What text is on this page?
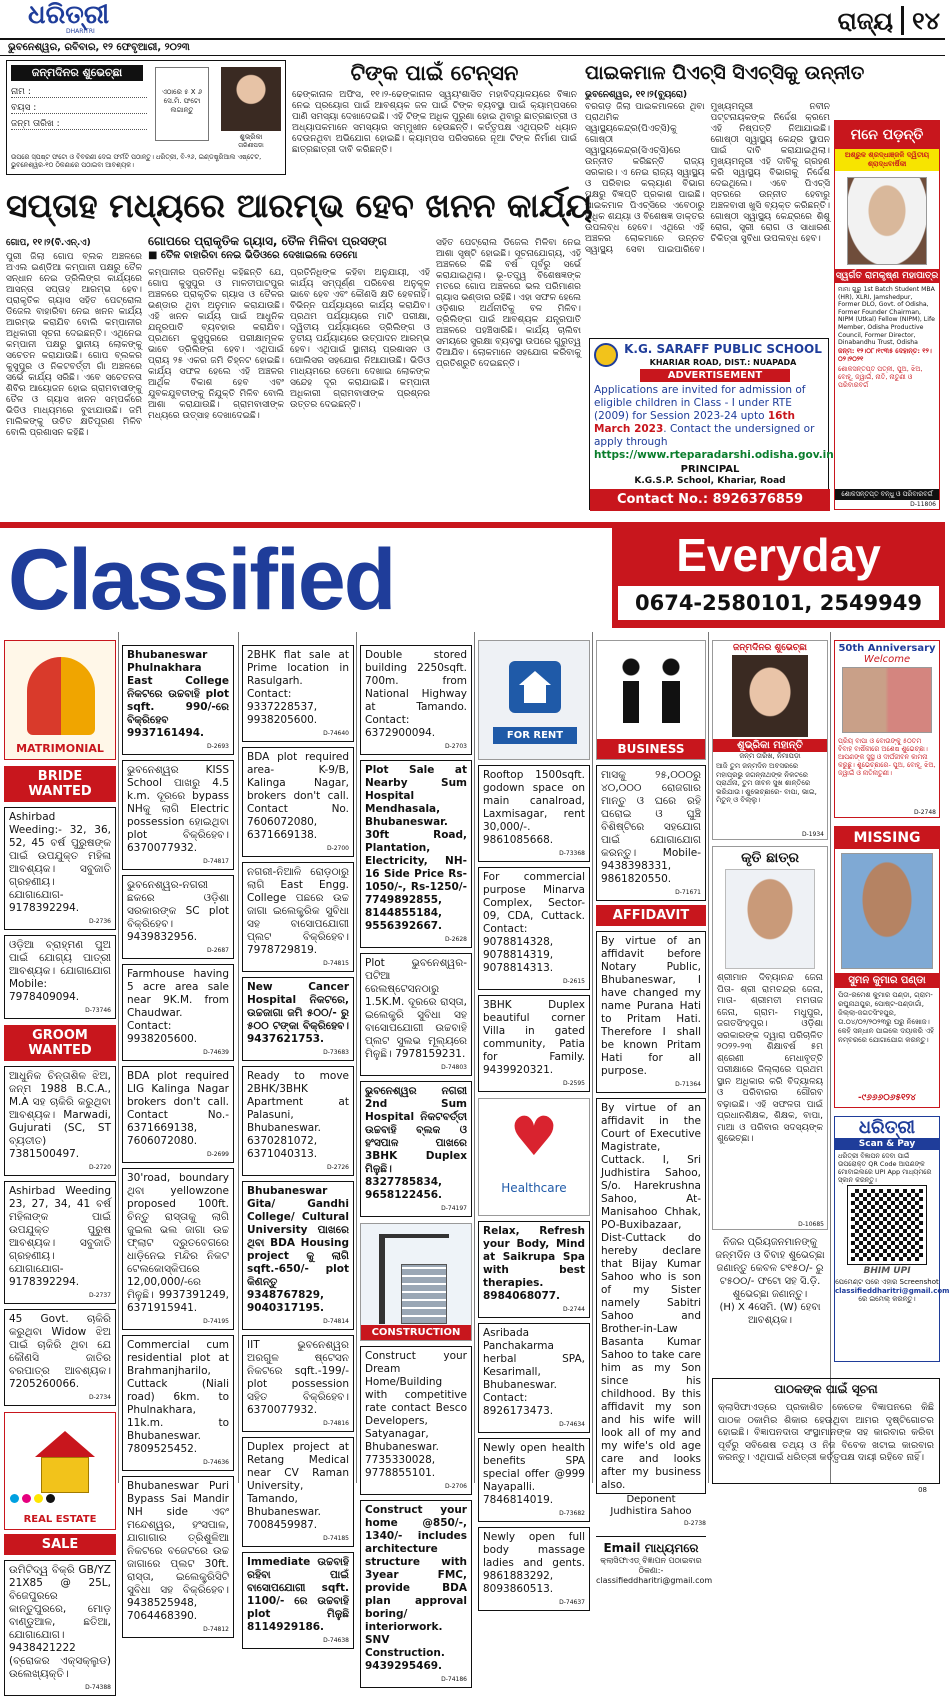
ଧରିତ୍ରୀ
DHARITRI	ରାଜ୍ୟ ୧୪
ଭୁବନେଶ୍ୱର, ରବିବାର, ୧୨ ଫେବୃଆରୀ, ୨୦୨୩
ଜନ୍ମଦିନର ଶୁଭେଚ୍ଛା
ନାମ :
ବୟସ :
ଜନ୍ମ ତାରିଖ :
ଏଠାରେ ୫ X ୬ ସେ.ମି. ଫଟୋ ଲଗାନ୍ତୁ
ଶୁଭ୍ରିକା
ତାରିଣୀପଡା
ଉପରେ ସ୍ପଷ୍ଟ ଫଟୋ ଓ ବିବରଣୀ ଦେଇ ଫର୍ମଟି ପଠାନ୍ତୁ। ଧରିତ୍ରୀ, ବି-୨୬, ଇଣ୍ଡଷ୍ଟ୍ରିଆଲ ଏଷ୍ଟେଟ, ଭୁବନେଶ୍ୱର-୧୦ ଠିକଣାରେ ପଠାଇବା ଆବଶ୍ୟକ।
ଟିଙ୍କ ପାଇଁ ଟେନ୍‌ସନ
ଢେଙ୍କାନାଳ ଅଫିସ, ୧୧।୨-ଢେଙ୍କାନାଳ ସ୍ୱୟଂଶାସିତ ମହାବିଦ୍ୟାଳୟରେ ବିଜ୍ଞାନ ନେଇ ପ୍ରୟୋଗ ପାଇଁ ଆବଶ୍ୟକ ଜଳ ପାଇଁ ଟିଙ୍କ ବ୍ୟବସ୍ଥା ପାଇଁ କ୍ୟାମ୍ପସରେ ପାଣି ସମସ୍ୟା ଦେଖାଦେଇଛି। ଏହି ଟିଙ୍କ ଅଧିକ ପୁରୁଣା ହୋଇ ଥିବାରୁ ଛାତ୍ରଛାତ୍ରୀ ଓ ଅଧ୍ୟାପକମାନେ ସମସ୍ୟାର ସମ୍ମୁଖୀନ ହେଉଛନ୍ତି। କର୍ତ୍ତୃପକ୍ଷ ଏଥିପ୍ରତି ଧ୍ୟାନ ଦେଉନଥିବା ଅଭିଯୋଗ ହୋଇଛି। କ୍ୟାମ୍ପସ ପରିସରରେ ନୂଆ ଟିଙ୍କ ନିର୍ମାଣ ପାଇଁ ଛାତ୍ରଛାତ୍ରୀ ଦାବି କରିଛନ୍ତି।
ପାଇକମାଳ ପିଏଚ୍‌ସି ସିଏଚ୍‌ସିକୁ ଉନ୍ନୀତ
ଭୁବନେଶ୍ୱର, ୧୧।୨(ବ୍ୟୁରୋ)
ବରଗଡ଼ ଜିଲା ପାଇକମାଳରେ ଥିବା ପ୍ରାଥମିକ ସ୍ୱାସ୍ଥ୍ୟକେନ୍ଦ୍ର(ପିଏଚ୍‌ସି)କୁ ଗୋଷ୍ଠୀ ସ୍ୱାସ୍ଥ୍ୟକେନ୍ଦ୍ର(ସିଏଚ୍‌ସି)ରେ ଉନ୍ନୀତ କରିଛନ୍ତି ରାଜ୍ୟ ସରକାର। ଏ ନେଇ ରାଜ୍ୟ ସ୍ୱାସ୍ଥ୍ୟ ଓ ପରିବାର କଲ୍ୟାଣ ବିଭାଗ ପକ୍ଷରୁ ବିଜ୍ଞପ୍ତି ପ୍ରକାଶ ପାଇଛି। ପାଇକମାଳ ପିଏଚ୍‌ସିରେ ଏବେଠାରୁ ଅଧିକ ଶଯ୍ୟା ଓ ବିଶେଷଜ୍ଞ ଡାକ୍ତର ଉପଲବ୍ଧ ହେବେ। ଏଥିରେ ଏହି ଅଞ୍ଚଳର ଲୋକମାନେ ଉନ୍ନତ ସ୍ୱାସ୍ଥ୍ୟ ସେବା ପାଇପାରିବେ। ମୁଖ୍ୟମନ୍ତ୍ରୀ ନବୀନ ପଟ୍ଟନାୟକଙ୍କ ନିର୍ଦ୍ଦେଶ କ୍ରମେ ଏହି ନିଷ୍ପତ୍ତି ନିଆଯାଇଛି। ଗୋଷ୍ଠୀ ସ୍ୱାସ୍ଥ୍ୟ କେନ୍ଦ୍ର ସ୍ଥାପନ ପାଇଁ ଦାବି କରାଯାଇଥିଲା। ମୁଖ୍ୟମନ୍ତ୍ରୀ ଏହି ଦାବିକୁ ଗ୍ରହଣ କରି ସ୍ୱାସ୍ଥ୍ୟ ବିଭାଗକୁ ନିର୍ଦ୍ଦେଶ ଦେଇଥିଲେ। ଏବେ ପିଏଚ୍‌ସି ସ୍ତରରେ ଉନ୍ନୀତ ହେବାରୁ ଅଞ୍ଚଳବାସୀ ଖୁସି ବ୍ୟକ୍ତ କରିଛନ୍ତି। ଗୋଷ୍ଠୀ ସ୍ୱାସ୍ଥ୍ୟ କେନ୍ଦ୍ରରେ ଶିଶୁ ରୋଗ, ସ୍ତ୍ରୀ ରୋଗ ଓ ସାଧାରଣ ଚିକିତ୍ସା ସୁବିଧା ଉପଲବ୍ଧ ହେବ।
ମନେ ପଡ଼ନ୍ତି
ଅଶ୍ରୁଳ ଶ୍ରଦ୍ଧାଞ୍ଜଳି ଦ୍ୱିତୀୟ ଶ୍ରାଦ୍ଧବାର୍ଷିକୀ
ସ୍ୱର୍ଗତ ରାମକୃଷ୍ଣ ମହାପାତ୍ର
ମାମା ଗୁରୁ 1st Batch Student MBA (HR), XLRI, Jamshedpur, Former DLO, Govt. of Odisha, Former Founder Chairman, NIPM (Utkal) Fellow (NIPM), Life Member, Odisha Productive Council, Former Director, Dinabandhu Trust, Odisha
ଜନ୍ମ: ୧୨।୦୮।୧୯୩୫ ଦେହାନ୍ତ: ୧୨।୦୨।୨୦୨୧
ଶୋକସନ୍ତପ୍ତ ପତ୍ନୀ, ପୁଅ, ଝିଅ, ବୋହୂ, ଜ୍ୱାଇଁ, ନାତି, ନାତୁଣୀ ଓ ପରିବାରବର୍ଗ
ଶୋକସନ୍ତପ୍ତ ବନ୍ଧୁ ଓ ପରିବାରବର୍ଗ
D-11806
ସପ୍ତାହ ମଧ୍ୟରେ ଆରମ୍ଭ ହେବ ଖନନ କାର୍ଯ୍ୟ
ଗୋପ, ୧୧।୨(ବି.ଏନ୍‌.ଏ)	ଗୋପରେ ପ୍ରାକୃତିକ ଗ୍ୟାସ, ତୈଳ ମିଳିବା ପ୍ରସଙ୍ଗ
■ ତୈଳ ବାହାରିବା ନେଇ ଭିଡିଓରେ ଦେଖାଇଲେ ଡେମୋ
ପୁରୀ ଜିଲା ଗୋପ ବ୍ଲକ ଅଞ୍ଚଳରେ ଅଏଲ ଇଣ୍ଡିଆ କମ୍ପାନୀ ପକ୍ଷରୁ ତୈଳ ସନ୍ଧାନ ନେଇ ଡ୍ରିଲିଙ୍ଗ କାର୍ଯ୍ୟରେ ଆସନ୍ତା ସପ୍ତାହ ଆରମ୍ଭ ହେବ। ପ୍ରାକୃତିକ ଗ୍ୟାସ ସହିତ ପେଟ୍ରୋଲ ଡିଜେଲ ବାହାରିବା ନେଇ ଖନନ କାର୍ଯ୍ୟ ଆରମ୍ଭ କରାଯିବ ବୋଲି କମ୍ପାନୀର ଅଧିକାରୀ ସୂଚନା ଦେଇଛନ୍ତି। ଏଥିନେଇ କମ୍ପାନୀ ପକ୍ଷରୁ ସ୍ଥାନୀୟ ଲୋକଙ୍କୁ ସଚେତନ କରାଯାଉଛି। ଗୋପ ବ୍ଲକର କୁସୁପୁର ଓ ନିକଟବର୍ତ୍ତୀ ଗାଁ ଅଞ୍ଚଳରେ ସର୍ଭେ କାର୍ଯ୍ୟ ସରିଛି। ଏବେ ସଚେତନତା ଶିବିର ଆୟୋଜନ ହୋଇ ଗ୍ରାମବାସୀଙ୍କୁ ତୈଳ ଓ ଗ୍ୟାସ ଖନନ ସମ୍ପର୍କରେ ଭିଡିଓ ମାଧ୍ୟମରେ ବୁଝାଯାଉଛି। ଜମି ମାଲିକଙ୍କୁ ଉଚିତ କ୍ଷତିପୂରଣ ମିଳିବ ବୋଲି ପ୍ରଶାସନ କହିଛି।
କମ୍ପାନୀର ପ୍ରତିନିଧି କହିଛନ୍ତି ଯେ, ଗୋପ କୁସୁପୁର ଓ ମାଳତୀପାଟପୁର ଅଞ୍ଚଳରେ ପ୍ରାକୃତିକ ଗ୍ୟାସ ଓ ତୈଳର ଭଣ୍ଡାର ଥିବା ଅନୁମାନ କରାଯାଉଛି। ଏହି ଖନନ କାର୍ଯ୍ୟ ପାଇଁ ଆଧୁନିକ ଯନ୍ତ୍ରପାତି ବ୍ୟବହାର କରାଯିବ। ପ୍ରଥମେ କୁସୁପୁରରେ ପରୀକ୍ଷାମୂଳକ ଭାବେ ଡ୍ରିଲିଙ୍ଗ ହେବ। ଏଥିପାଇଁ ପ୍ରାୟ ୨୫ ଏକର ଜମି ଚିହ୍ନଟ ହୋଇଛି। କାର୍ଯ୍ୟ ସଫଳ ହେଲେ ଏହି ଅଞ୍ଚଳର ଆର୍ଥିକ ବିକାଶ ହେବ ଏବଂ ଯୁବକଯୁବତୀଙ୍କୁ ନିଯୁକ୍ତି ମିଳିବ ବୋଲି ଆଶା କରାଯାଉଛି। ଗ୍ରାମବାସୀଙ୍କ ମଧ୍ୟରେ ଉତ୍ସାହ ଦେଖାଦେଇଛି।
ପ୍ରତିନିଧିଙ୍କ କହିବା ଅନୁଯାୟୀ, ଏହି କାର୍ଯ୍ୟ ସମ୍ପୂର୍ଣ୍ଣ ପରିବେଶ ଅନୁକୂଳ ଭାବେ ହେବ ଏବଂ କୌଣସି କ୍ଷତି ହେବନାହିଁ। ବିଭିନ୍ନ ପର୍ଯ୍ୟାୟରେ କାର୍ଯ୍ୟ କରାଯିବ। ପ୍ରଥମ ପର୍ଯ୍ୟାୟରେ ମାଟି ପରୀକ୍ଷା, ଦ୍ୱିତୀୟ ପର୍ଯ୍ୟାୟରେ ଡ୍ରିଲିଙ୍ଗ ଓ ତୃତୀୟ ପର୍ଯ୍ୟାୟରେ ଉତ୍ପାଦନ ଆରମ୍ଭ ହେବ। ଏଥିପାଇଁ ସ୍ଥାନୀୟ ପ୍ରଶାସନ ଓ ପୋଲିସର ସହଯୋଗ ନିଆଯାଉଛି। ଭିଡିଓ ମାଧ୍ୟମରେ ଡେମୋ ଦେଖାଇ ଲୋକଙ୍କ ସନ୍ଦେହ ଦୂର କରାଯାଇଛି। କମ୍ପାନୀ ଅଧିକାରୀ ଗ୍ରାମବାସୀଙ୍କ ପ୍ରଶ୍ନର ଉତ୍ତର ଦେଇଛନ୍ତି।
ସହିତ ପେଟ୍ରୋଲ ଡିଜେଲ ମିଳିବା ନେଇ ଆଶା ସୃଷ୍ଟି ହୋଇଛି। ସୂଚନାଯୋଗ୍ୟ, ଏହି ଅଞ୍ଚଳରେ କିଛି ବର୍ଷ ପୂର୍ବରୁ ସର୍ଭେ କରାଯାଇଥିଲା। ଭୂ-ତତ୍ତ୍ୱ ବିଶେଷଜ୍ଞଙ୍କ ମତରେ ଗୋପ ଅଞ୍ଚଳରେ ଭଲ ପରିମାଣର ଗ୍ୟାସ ଭଣ୍ଡାର ରହିଛି। ଏହା ସଫଳ ହେଲେ ଓଡ଼ିଶାର ଅର୍ଥନୀତିକୁ ବଳ ମିଳିବ। ଡ୍ରିଲିଙ୍ଗ ପାଇଁ ଆବଶ୍ୟକ ଯନ୍ତ୍ରପାତି ଅଞ୍ଚଳରେ ପହଞ୍ଚିସାରିଛି। କାର୍ଯ୍ୟ ଚାଲିବା ସମୟରେ ସୁରକ୍ଷା ବ୍ୟବସ୍ଥା ଉପରେ ଗୁରୁତ୍ୱ ଦିଆଯିବ। ଲୋକମାନେ ସହଯୋଗ କରିବାକୁ ପ୍ରତିଶ୍ରୁତି ଦେଇଛନ୍ତି।
K.G. SARAFF PUBLIC SCHOOL
KHARIAR ROAD, DIST.: NUAPADA
ADVERTISEMENT
Applications are invited for admission of eligible children in Class - I under RTE (2009) for Session 2023-24 upto 16th March 2023. Contact the undersigned or apply through
https://www.rteparadarshi.odisha.gov.in
PRINCIPAL
K.G.S.P. School, Khariar, Road
Contact No.: 8926376859
Classified	Everyday
0674-2580101, 2549949
MATRIMONIAL
BRIDE WANTED
Ashirbad Weeding:- 32, 36, 52, 45 ବର୍ଷ ପୁରୁଷଙ୍କ ପାଇଁ ଉପଯୁକ୍ତ ମହିଳା ଆବଶ୍ୟକ। ସବୁଜାତି ଗ୍ରହଣୀୟ। ଯୋଗାଯୋଗ- 9178392294.
D-2736
ଓଡ଼ିଆ ବ୍ରାହ୍ମଣ ପୁଅ ପାଇଁ ଯୋଗ୍ୟ ପାତ୍ରୀ ଆବଶ୍ୟକ। ଯୋଗାଯୋଗ Mobile: 7978409094.
D-73746
GROOM WANTED
ଆଧୁନିକ ଚିନ୍ତାଶିଳ ଝିଅ, ଜନ୍ମ 1988 B.C.A., M.A ସହ ଚାକିରି କରୁଥିବା ଆବଶ୍ୟକ। Marwadi, Gujurati (SC, ST ବ୍ୟତୀତ) 7381500497.
D-2720
Ashirbad Weeding 23, 27, 34, 41 ବର୍ଷ ମହିଳାଙ୍କ ପାଇଁ ଉପଯୁକ୍ତ ପୁରୁଷ ଆବଶ୍ୟକ। ସବୁଜାତି ଗ୍ରହଣୀୟ। ଯୋଗାଯୋଗ- 9178392294.
D-2737
45 Govt. ଚାକିରି କରୁଥିବା Widow ଝିଅ ପାଇଁ ଚାକିରି ଥିବା ଯେ କୌଣସି ଜାତିର ବରପାତ୍ର ଆବଶ୍ୟକ। 7205260066.
D-2734
REAL ESTATE
SALE
ଉମିଟିଦ୍ୱ ବିକ୍ରି GB/YZ 21X85 @ 25L, ବିଜେପୁରରେ କାନ୍ତୁପୁରରେ, ମୋଡ଼ ବାଣ୍ଡୁଆଳ, ଛତିଆ, ଯୋଗାଯୋଗ। 9438421222 (ବ୍ରୋକର ଏକ୍ସକ୍ଲୁଡ) ଉଲେଖ୍ୟକ୍ତି।
D-74388
Bhubaneswar Phulnakhara East College ନିକଟରେ ଉଚ୍ଚବାହି plot sqft. 990/-ରେ ବିକ୍ରିହେବ 9937161494.
D-2693
ଭୁବନେଶ୍ୱର KISS School ପାଖରୁ 4.5 k.m. ଦୂରରେ bypass NHକୁ ଲାଗି Electric possession ହୋଇଥିବା plot ବିକ୍ରିହେବ। 6370077932.
D-74817
ଭୁବନେଶ୍ୱର-ନଗରୀ ଛକରେ ଓଡ଼ିଶା ସରକାରଙ୍କ SC plot ବିକ୍ରିହେବ। 9439832956.
D-2687
Farmhouse having 5 acre area sale near 9K.M. from Chaudwar. Contact: 9938205600.
D-74639
BDA plot required LIG Kalinga Nagar brokers don't call. Contact No.- 6371669138, 7606072080.
D-2699
30'road, boundary ଥିବା yellowzone proposed 100ft. ଚିନ୍ତୁ ରାସ୍ତାକୁ ଲାଗି ଜୁଇଲ ଭଲ ଜାଗା ଉଚ୍ଚ ଫ୍ଲାଟ ଦ୍ରୁତବେଗରେ ଧାଡ଼ିନେଇ ମନ୍ଦିର ନିକଟ ଟେଲକୋସ୍କିପରେ 12,00,000/-ରେ ମିଳୁଛି। 9937391249, 6371915941.
D-74195
Commercial cum residential plot at Brahmanjharilo, Cuttack (Niali road) 6km. to Phulnakhara, 11k.m. to Bhubaneswar. 7809525452.
D-74636
Bhubaneswar Puri Bypass Sai Mandir NH side ଏବଂ ମନ୍ଦେଶ୍ୱର, ହଂସପାଳ, ଯାଗାଗାର ତ୍ରିଶୁଳିଆ ନିକଟରେ ବଜେଟରେ ଉଚ୍ଚ ଜାଗାରେ ପ୍ଲଟ 30ft. ରାସ୍ତା, ଇଲେକ୍ଟ୍ରିସିଟି ସୁବିଧା ସହ ବିକ୍ରିହେବ। 9438525948, 7064468390.
D-74812
2BHK flat sale at Prime location in Rasulgarh. Contact: 9337228537, 9938205600.
D-74640
BDA plot required area- K-9/B, Kalinga Nagar, brokers don't call. Contact No. 7606072080, 6371669138.
D-2700
ନଗରୀ-ନିଆଳି ରୋଡ଼ଠାରୁ ଲାଗି East Engg. College ପଛରେ ଉଚ୍ଚ ଜାଗା ଇଲେକ୍ଟ୍ରିକ ସୁବିଧା ସହ ବାସୋପଯୋଗୀ ପ୍ଲଟ ବିକ୍ରିହେବ। 7978729819.
D-74815
New Cancer Hospital ନିକଟରେ, ଉଚ୍ଚଜାଗା ଜମି ୫୦୦/- ରୁ ୫୦୦ ଟଙ୍କା ବିକ୍ରିହେବ। 9437621753.
D-73683
Ready to move 2BHK/3BHK Apartment at Palasuni, Bhubaneswar. 6370281072, 6371040313.
D-2726
Bhubaneswar Gita/ Gandhi College/ Cultural University ପାଖରେ ଥିବା BDA Housing project କୁ ଲାଗି sqft.-650/- plot କିଣନ୍ତୁ 9348767829, 9040317195.
D-74814
IIT ଭୁବନେଶ୍ୱର ଅରଗୁଳ ଷ୍ଟେସନ ନିକଟରେ sqft.-199/- plot possession ସହିତ ବିକ୍ରିହେବ। 6370077932.
D-74816
Duplex project at Retang Medical near CV Raman University, Tamando, Bhubaneswar. 7008459987.
D-74185
Immediate ଉଚ୍ଚବାହି ରହିବା ପାଇଁ ବାସୋପଯୋଗୀ sqft. 1100/- ରେ ଉଚ୍ଚବାହି plot ମିଳୁଛି 8114929186.
D-74638
Double stored building 2250sqft. 700m. from National Highway at Tamando. Contact: 6372900094.
D-2703
Plot Sale at Nearby Sum Hospital Mendhasala, Bhubaneswar. 30ft Road, Plantation, Electricity, NH-16 Side Price Rs-1050/-, Rs-1250/- 7749892855, 8144855184, 9556392667.
D-2628
Plot ଭୁବନେଶ୍ୱର- ପଟିଆ ରେଲଷ୍ଟେସନଠାରୁ 1.5K.M. ଦୂରରେ ରାସ୍ତା, ଇଲେକ୍ଟ୍ରି ସୁବିଧା ସହ ବାସୋପଯୋଗୀ ଉଚ୍ଚବାହି ପ୍ଲଟ ସୁଲଭ ମୂଲ୍ୟରେ ମିଳୁଛି। 7978159231.
D-74803
ଭୁବନେଶ୍ୱର ନଗରୀ 2nd Sum Hospital ନିକଟବର୍ତ୍ତୀ ଉଚ୍ଚବାହି ବ୍ଲକ ଓ ହଂସପାଳ ପାଖରେ 3BHK Duplex ମିଳୁଛି। 8327785834, 9658122456.
D-74197
CONSTRUCTION
Construct your Dream Home/Building with competitive rate contact Besco Developers, Satyanagar, Bhubaneswar. 7735330028, 9778855101.
D-2706
Construct your home @850/-, 1340/- includes architecture structure with 3year FMC, provide BDA plan approval boring/ interiorwork. SNV Construction. 9439295469.
D-74186
FOR RENT
Rooftop 1500sqft. godown space on main canalroad, Laxmisagar, rent 30,000/-. 9861085668.
D-73368
For commercial purpose Minarva Complex, Sector-09, CDA, Cuttack. Contact: 9078814328, 9078814319, 9078814313.
D-2615
3BHK Duplex beautiful corner Villa in gated community, Patia for Family. 9439920321.
D-2595
♥
Healthcare
Relax, Refresh your Body, Mind at Saikrupa Spa with best therapies. 8984068077.
D-2744
Asribada Panchakarma herbal SPA, Kesarimall, Bhubaneswar. Contact: 8926173473.
D-74634
Newly open health benefits SPA special offer @999 Nayapalli. 7846814019.
D-73682
Newly open full body massage ladies and gents. 9861883292, 8093860513.
D-74637
BUSINESS
ମାସକୁ ୨୫,୦୦୦ରୁ ୪୦,୦୦୦ ରୋଜଗାର ମାନ୍ତୁ ଓ ଘରେ ରହି ଘରୋଇ ଓ ଘୁଞ୍ଚି ବିଶିଷ୍ଟିରେ ସହଯୋଗ ପାଇଁ ଯୋଗାଯୋଗ କରନ୍ତୁ। Mobile- 9438398331, 9861820550.
D-71671
AFFIDAVIT
By virtue of an affidavit before Notary Public, Bhubaneswar, I have changed my name Purana Hati to Pritam Hati. Therefore I shall be known Pritam Hati for all purpose.
D-71364
By virtue of an affidavit in the Court of Executive Magistrate, Cuttack. I, Sri Judhistira Sahoo, S/o. Harekrushna Sahoo, At-Manisahoo Chhak, PO-Buxibazaar, Dist-Cuttack do hereby declare that Bijay Kumar Sahoo who is son of my Sister namely Sabitri Sahoo and Brother-in-Law Basanta Kumar Sahoo to take care him as my Son since his childhood. By this affidavit my son and his wife will look all of my and my wife's old age care and looks after my business also.
Deponent
Judhistira Sahoo
D-2738
Email ମାଧ୍ୟମରେ
କ୍ଲାସିଫାଏଡ୍ ବିଜ୍ଞାପନ ପଠାଇବାର ଠିକଣା:-
classifieddharitri@gmail.com
ଜନ୍ମଦିନର ଶୁଭେଚ୍ଛା
ଶୁଭ୍ରିକା ମହାନ୍ତି
ଜନ୍ମ ତାରିଖ, ନିମାପଡ଼ା
ଆଜି ତୁମ ଜନ୍ମଦିନ ଅବସରରେ ମହାପ୍ରଭୁ ଜଗନ୍ନାଥଙ୍କ ନିକଟରେ ପ୍ରାର୍ଥନା, ତୁମ ଜୀବନ ସୁଖ ଶାନ୍ତିରେ ଭରିଯାଉ। ଶୁଭେଚ୍ଛାରେ- ବାପା, ଭାଇ, ମିତୁନ୍‌ ଓ ବିଲ୍ଲୁ।
D-1934
କୃତି ଛାତ୍ର
ଶ୍ରୀମାନ ଦିବ୍ୟାନନ୍ଦ ଜେନା ପିତା- ଶ୍ରୀ ରାମଚନ୍ଦ୍ର ଜେନା, ମାତା- ଶ୍ରୀମତୀ ମମତାଜ ଜେନା, ଗ୍ରାମ- ମଧୁପୁର, ଜଗତସିଂହପୁର। ଓଡ଼ିଶା ସରକାରଙ୍କ ଦ୍ୱାରା ପରିଚାଳିତ ୨୦୨୨-୨୩ ଶିକ୍ଷାବର୍ଷ ୫ମ ଶ୍ରେଣୀ ମେଧାବୃତ୍ତି ପରୀକ୍ଷାରେ ଜିଲ୍ଲାରେ ପ୍ରଥମ ସ୍ଥାନ ଅଧିକାର କରି ବିଦ୍ୟାଳୟ ଓ ପରିବାରର ଗୌରବ ବଢ଼ାଇଛି। ଏହି ସଫଳତା ପାଇଁ ପ୍ରଧାନଶିକ୍ଷକ, ଶିକ୍ଷକ, ବାପା, ମାଆ ଓ ପରିବାର ସଦସ୍ୟଙ୍କ ଶୁଭେଚ୍ଛା।
D-10685
ନିଜର ପ୍ରିୟଜନମାନଙ୍କୁ ଜନ୍ମଦିନ ଓ ବିବାହ ଶୁଭେଚ୍ଛା ଜଣାନ୍ତୁ କେବଳ ଟ୧୫୦/- ରୁ ଟ୫୦୦/- ଫଟୋ ସହ ସି.ଡ଼ି. ଶୁଭେଚ୍ଛା ଜଣାନ୍ତୁ।
(H) X 4ସେମି. (W) ହେବା ଆବଶ୍ୟକ।
50th Anniversary
Welcome
ପ୍ରିୟ ବାପା ଓ ବୋଉଙ୍କୁ ୫୦ତମ ବିବାହ ବାର୍ଷିକୀରେ ଅଶେଷ ଶୁଭେଚ୍ଛା। ଆପଣଙ୍କ ସୁସ୍ଥ ଓ ଦୀର୍ଘଜୀବନ କାମନା କରୁଛୁ। ଶୁଭେଚ୍ଛାରେ- ପୁଅ, ବୋହୂ, ଝିଅ, ଜ୍ୱାଇଁ ଓ ନାତିନାତୁଣୀ।
D-2748
MISSING
ସୁମନ କୁମାର ପଣ୍ଡା
ପିତା-ରମେଶ କୁମାର ପଣ୍ଡା, ଗ୍ରାମ-ରଘୁନାଥପୁର, ପୋଷ୍ଟ-ପଣ୍ଡାଗାଁ, ଜିଲ୍ଲା-ଜଗତସିଂହପୁର, ତା.୦୪/୦୨/୨୦୨୩ରୁ ଘରୁ ନିଖୋଜ। କେହି ସନ୍ଧାନ ପାଇଲେ ଦୟାକରି ଏହି ନମ୍ବରରେ ଯୋଗାଯୋଗ କରନ୍ତୁ।
-୯୬୬୬୦୬୫୧୨୪
ଧରିତ୍ରୀ
Scan & Pay
ଧରିତ୍ରୀ ବିଜ୍ଞାପନ ଦେବା ପାଇଁ ଉପରୋକ୍ତ QR Code ଆପଣଙ୍କ ମୋବାଇଲରେ UPI App ମାଧ୍ୟମରେ ସ୍କାନ କରନ୍ତୁ।
BHIM UPI
ପେମେଣ୍ଟ ପରେ ଏହାର Screenshot
classifieddharitri@gmail.com
ରେ ଇମେଲ୍ କରନ୍ତୁ।
ପାଠକଙ୍କ ପାଇଁ ସୂଚନା
କ୍ଲାସିଫାଏଡ୍‌ରେ ପ୍ରକାଶିତ କେତେକ ବିଜ୍ଞାପନରେ କିଛି ପାଠକ ଠକାମିର ଶିକାର ହେଉଥିବା ଆମର ଦୃଷ୍ଟିଗୋଚର ହୋଇଛି। ବିଜ୍ଞାପନଦାତା ସଂସ୍ଥାମାନଙ୍କ ସହ କାରବାର କରିବା ପୂର୍ବରୁ ସବିଶେଷ ତଥ୍ୟ ଓ ନିଜ ବିବେକ ଖଟାଇ କାରବାର କରନ୍ତୁ। ଏଥିପାଇଁ ଧରିତ୍ରୀ କର୍ତ୍ତୃପକ୍ଷ ଦାୟୀ ରହିବେ ନାହିଁ।
08
